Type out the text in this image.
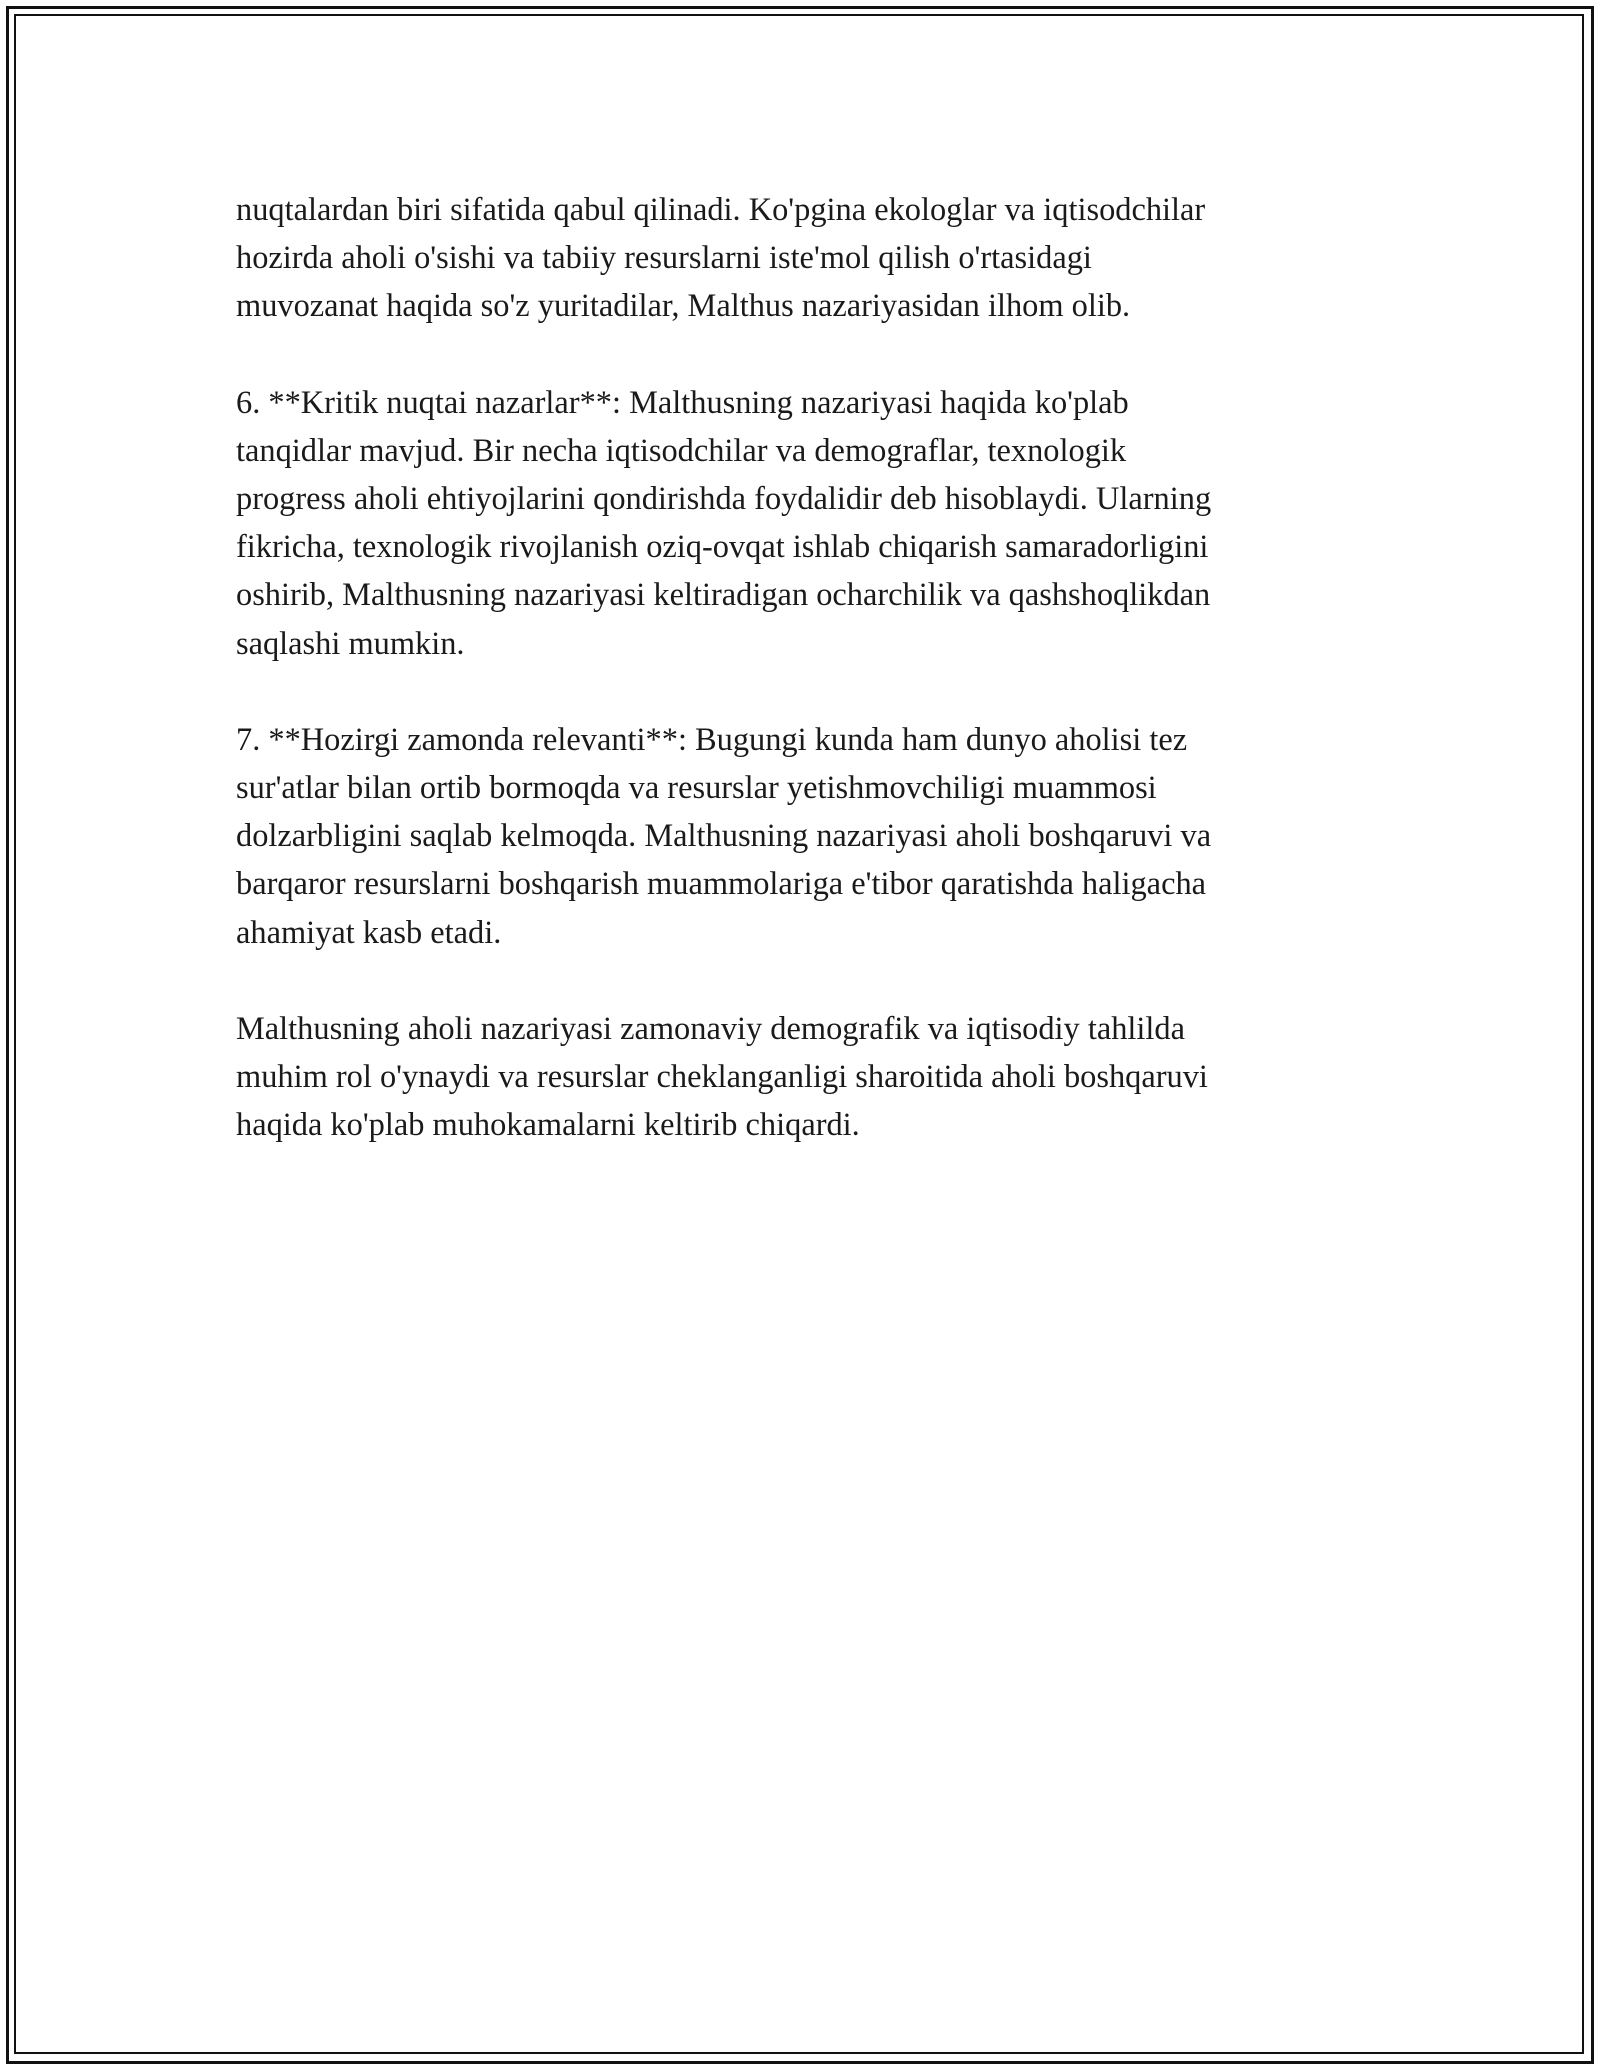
nuqtalardan biri sifatida qabul qilinadi. Ko'pgina ekologlar va iqtisodchilar
hozirda aholi o'sishi va tabiiy resurslarni iste'mol qilish o'rtasidagi
muvozanat haqida so'z yuritadilar, Malthus nazariyasidan ilhom olib.

6. **Kritik nuqtai nazarlar**: Malthusning nazariyasi haqida ko'plab
tanqidlar mavjud. Bir necha iqtisodchilar va demograflar, texnologik
progress aholi ehtiyojlarini qondirishda foydalidir deb hisoblaydi. Ularning
fikricha, texnologik rivojlanish oziq-ovqat ishlab chiqarish samaradorligini
oshirib, Malthusning nazariyasi keltiradigan ocharchilik va qashshoqlikdan
saqlashi mumkin.

7. **Hozirgi zamonda relevanti**: Bugungi kunda ham dunyo aholisi tez
sur'atlar bilan ortib bormoqda va resurslar yetishmovchiligi muammosi
dolzarbligini saqlab kelmoqda. Malthusning nazariyasi aholi boshqaruvi va
barqaror resurslarni boshqarish muammolariga e'tibor qaratishda haligacha
ahamiyat kasb etadi.

Malthusning aholi nazariyasi zamonaviy demografik va iqtisodiy tahlilda
muhim rol o'ynaydi va resurslar cheklanganligi sharoitida aholi boshqaruvi
haqida ko'plab muhokamalarni keltirib chiqardi.
